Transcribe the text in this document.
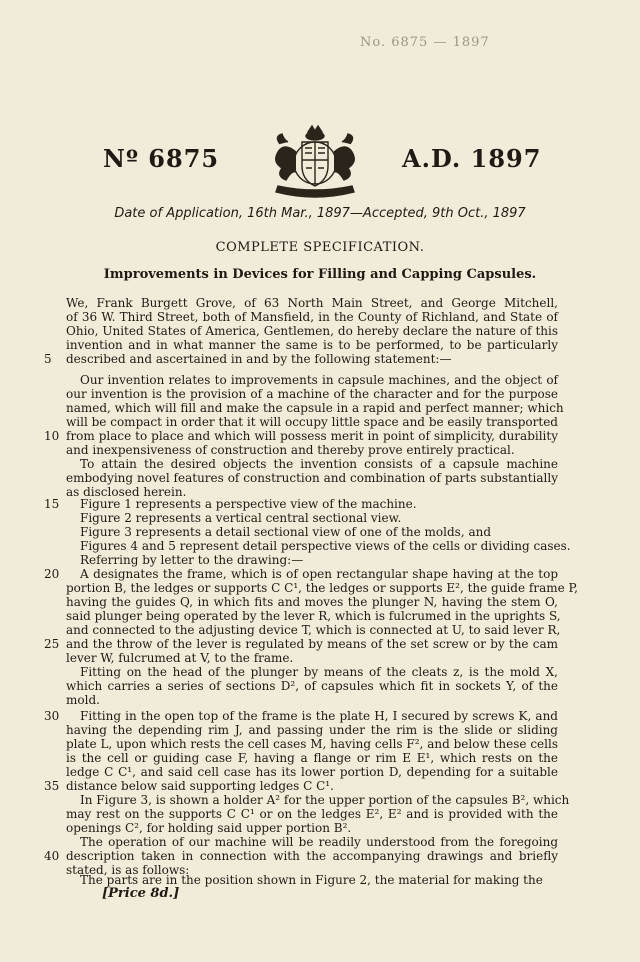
No. 6875 — 1897
Nº 6875	A.D. 1897
Date of Application, 16th Mar., 1897—Accepted, 9th Oct., 1897
COMPLETE SPECIFICATION.
Improvements in Devices for Filling and Capping Capsules.
We, Frank Burgett Grove, of 63 North Main Street, and George Mitchell,
of 36 W. Third Street, both of Mansfield, in the County of Richland, and State of
Ohio, United States of America, Gentlemen, do hereby declare the nature of this
invention and in what manner the same is to be performed, to be particularly
described and ascertained in and by the following statement:—
Our invention relates to improvements in capsule machines, and the object of
our invention is the provision of a machine of the character and for the purpose
named, which will fill and make the capsule in a rapid and perfect manner; which
will be compact in order that it will occupy little space and be easily transported
from place to place and which will possess merit in point of simplicity, durability
and inexpensiveness of construction and thereby prove entirely practical.
To attain the desired objects the invention consists of a capsule machine
embodying novel features of construction and combination of parts substantially
as disclosed herein.
Figure 1 represents a perspective view of the machine.
Figure 2 represents a vertical central sectional view.
Figure 3 represents a detail sectional view of one of the molds, and
Figures 4 and 5 represent detail perspective views of the cells or dividing cases.
Referring by letter to the drawing:—
A designates the frame, which is of open rectangular shape having at the top
portion B, the ledges or supports C C¹, the ledges or supports E², the guide frame P,
having the guides Q, in which fits and moves the plunger N, having the stem O,
said plunger being operated by the lever R, which is fulcrumed in the uprights S,
and connected to the adjusting device T, which is connected at U, to said lever R,
and the throw of the lever is regulated by means of the set screw or by the cam
lever W, fulcrumed at V, to the frame.
Fitting on the head of the plunger by means of the cleats z, is the mold X,
which carries a series of sections D², of capsules which fit in sockets Y, of the
mold.
Fitting in the open top of the frame is the plate H, I secured by screws K, and
having the depending rim J, and passing under the rim is the slide or sliding
plate L, upon which rests the cell cases M, having cells F², and below these cells
is the cell or guiding case F, having a flange or rim E E¹, which rests on the
ledge C C¹, and said cell case has its lower portion D, depending for a suitable
distance below said supporting ledges C C¹.
In Figure 3, is shown a holder A² for the upper portion of the capsules B², which
may rest on the supports C C¹ or on the ledges E², E² and is provided with the
openings C², for holding said upper portion B².
The operation of our machine will be readily understood from the foregoing
description taken in connection with the accompanying drawings and briefly
stated, is as follows:
The parts are in the position shown in Figure 2, the material for making the
5
10
15
20
25
30
35
40
[Price 8d.]
